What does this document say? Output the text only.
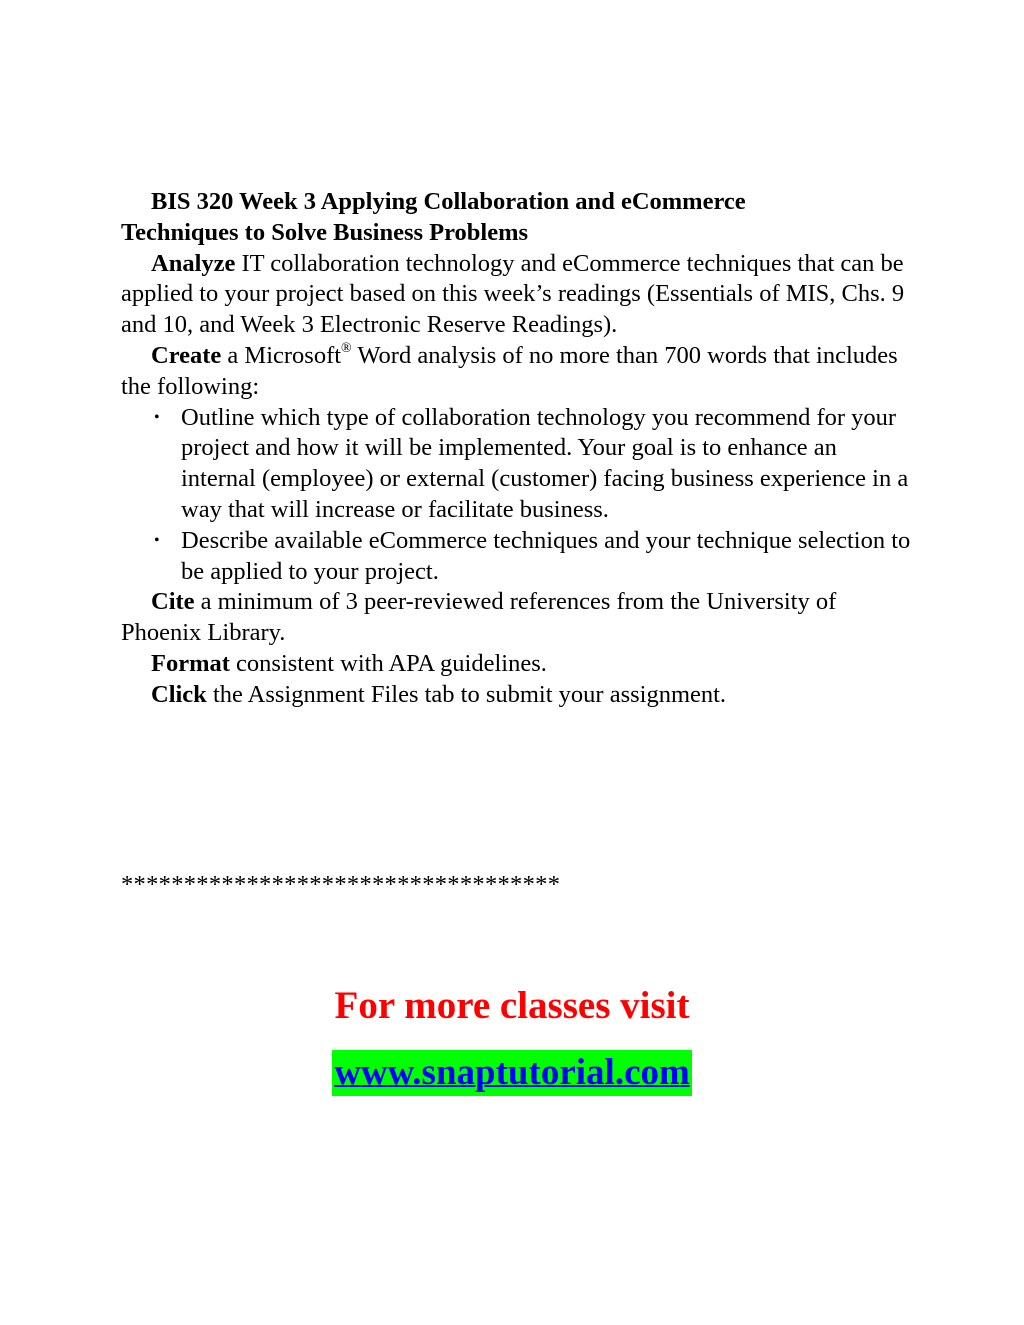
BIS 320 Week 3 Applying Collaboration and eCommerce
Techniques to Solve Business Problems

Analyze IT collaboration technology and eCommerce techniques that can be applied to your project based on this week’s readings (Essentials of MIS, Chs. 9 and 10, and Week 3 Electronic Reserve Readings).

Create a Microsoft® Word analysis of no more than 700 words that includes the following:

• Outline which type of collaboration technology you recommend for your project and how it will be implemented. Your goal is to enhance an internal (employee) or external (customer) facing business experience in a way that will increase or facilitate business.
• Describe available eCommerce techniques and your technique selection to be applied to your project.

Cite a minimum of 3 peer-reviewed references from the University of Phoenix Library.

Format consistent with APA guidelines.

Click the Assignment Files tab to submit your assignment.

***********************************
For more classes visit
www.snaptutorial.com
